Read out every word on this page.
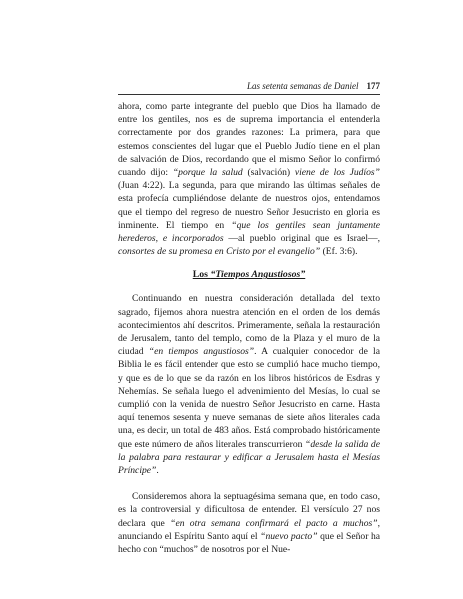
Las setenta semanas de Daniel 177

ahora, como parte integrante del pueblo que Dios ha llamado de entre los gentiles, nos es de suprema importancia el entenderla correctamente por dos grandes razones: La primera, para que estemos conscientes del lugar que el Pueblo Judío tiene en el plan de salvación de Dios, recordando que el mismo Señor lo confirmó cuando dijo: “porque la salud (salvación) viene de los Judíos” (Juan 4:22). La segunda, para que mirando las últimas señales de esta profecía cumpliéndose delante de nuestros ojos, entendamos que el tiempo del regreso de nuestro Señor Jesucristo en gloria es inminente. El tiempo en “que los gentiles sean juntamente herederos, e incorporados —al pueblo original que es Israel—, consortes de su promesa en Cristo por el evangelio” (Ef. 3:6).

Los “Tiempos Angustiosos”

Continuando en nuestra consideración detallada del texto sagrado, fijemos ahora nuestra atención en el orden de los demás acontecimientos ahí descritos. Primeramente, señala la restauración de Jerusalem, tanto del templo, como de la Plaza y el muro de la ciudad “en tiempos angustiosos”. A cualquier conocedor de la Biblia le es fácil entender que esto se cumplió hace mucho tiempo, y que es de lo que se da razón en los libros históricos de Esdras y Nehemías. Se señala luego el advenimiento del Mesías, lo cual se cumplió con la venida de nuestro Señor Jesucristo en carne. Hasta aquí tenemos sesenta y nueve semanas de siete años literales cada una, es decir, un total de 483 años. Está comprobado históricamente que este número de años literales transcurrieron “desde la salida de la palabra para restaurar y edificar a Jerusalem hasta el Mesías Príncipe”.

Consideremos ahora la septuagésima semana que, en todo caso, es la controversial y dificultosa de entender. El versículo 27 nos declara que “en otra semana confirmará el pacto a muchos”, anunciando el Espíritu Santo aquí el “nuevo pacto” que el Señor ha hecho con “muchos” de nosotros por el Nue-
